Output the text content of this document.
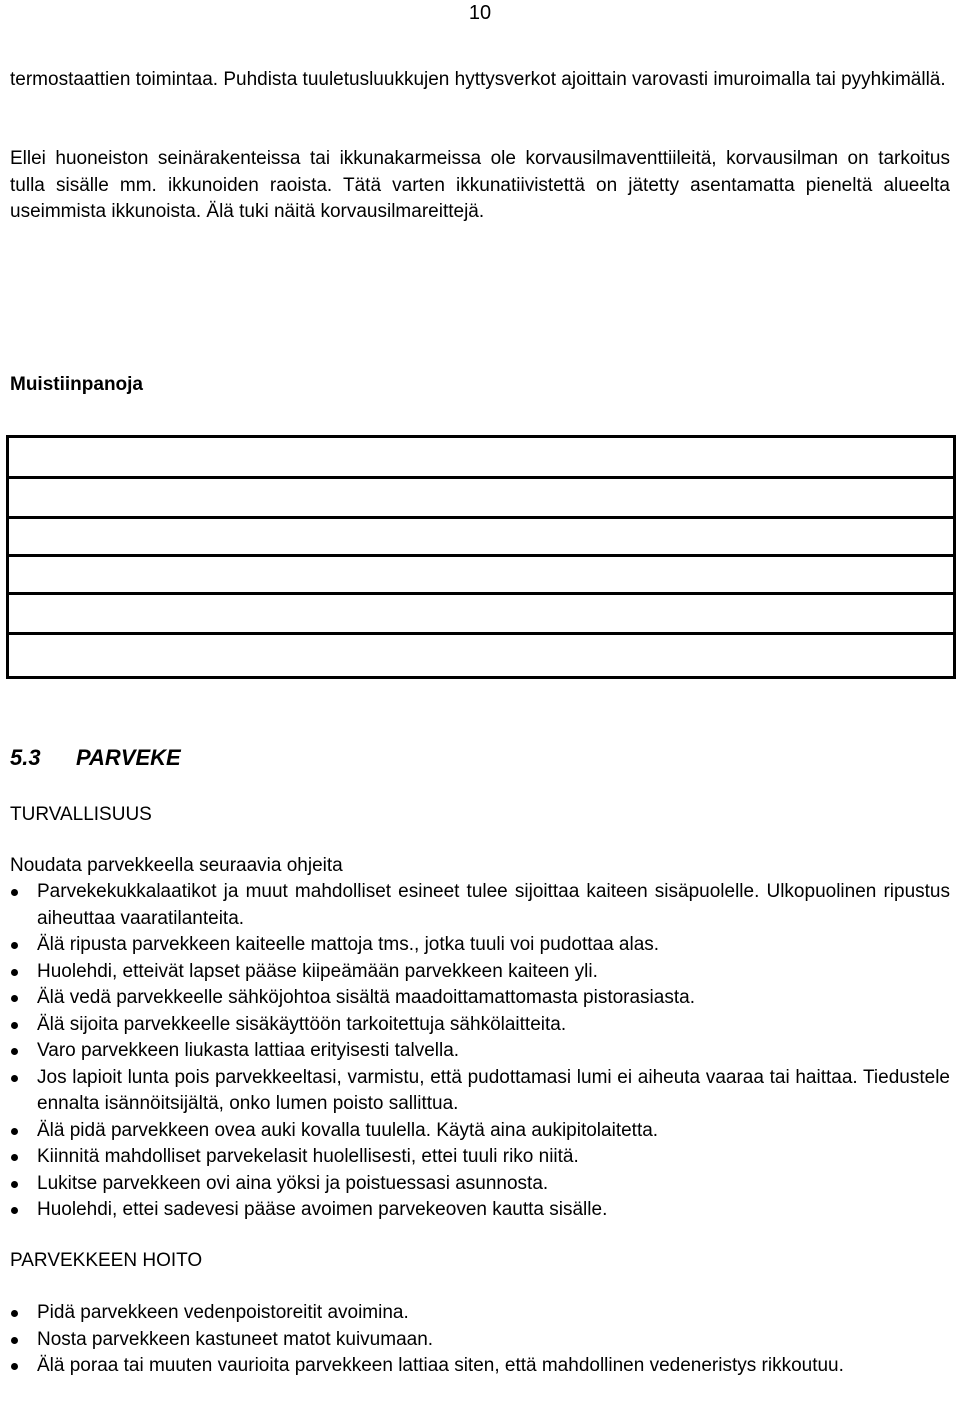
10
termostaattien toimintaa. Puhdista tuuletusluukkujen hyttysverkot ajoittain varovasti imuroimalla tai pyyhkimällä.
Ellei huoneiston seinärakenteissa tai ikkunakarmeissa ole korvausilmaventtiileitä, korvausilman on tarkoitus tulla sisälle mm. ikkunoiden raoista. Tätä varten ikkunatiivistettä on jätetty asentamatta pieneltä alueelta useimmista ikkunoista. Älä tuki näitä korvausilmareittejä.
Muistiinpanoja
5.3 PARVEKE
TURVALLISUUS
Noudata parvekkeella seuraavia ohjeita
Parvekekukkalaatikot ja muut mahdolliset esineet tulee sijoittaa kaiteen sisäpuolelle. Ulkopuolinen ripustus aiheuttaa vaaratilanteita.
Älä ripusta parvekkeen kaiteelle mattoja tms., jotka tuuli voi pudottaa alas.
Huolehdi, etteivät lapset pääse kiipeämään parvekkeen kaiteen yli.
Älä vedä parvekkeelle sähköjohtoa sisältä maadoittamattomasta pistorasiasta.
Älä sijoita parvekkeelle sisäkäyttöön tarkoitettuja sähkölaitteita.
Varo parvekkeen liukasta lattiaa erityisesti talvella.
Jos lapioit lunta pois parvekkeeltasi, varmistu, että pudottamasi lumi ei aiheuta vaaraa tai haittaa. Tiedustele ennalta isännöitsijältä, onko lumen poisto sallittua.
Älä pidä parvekkeen ovea auki kovalla tuulella. Käytä aina aukipitolaitetta.
Kiinnitä mahdolliset parvekelasit huolellisesti, ettei tuuli riko niitä.
Lukitse parvekkeen ovi aina yöksi ja poistuessasi asunnosta.
Huolehdi, ettei sadevesi pääse avoimen parvekeoven kautta sisälle.
PARVEKKEEN HOITO
Pidä parvekkeen vedenpoistoreitit avoimina.
Nosta parvekkeen kastuneet matot kuivumaan.
Älä poraa tai muuten vaurioita parvekkeen lattiaa siten, että mahdollinen vedeneristys rikkoutuu.
